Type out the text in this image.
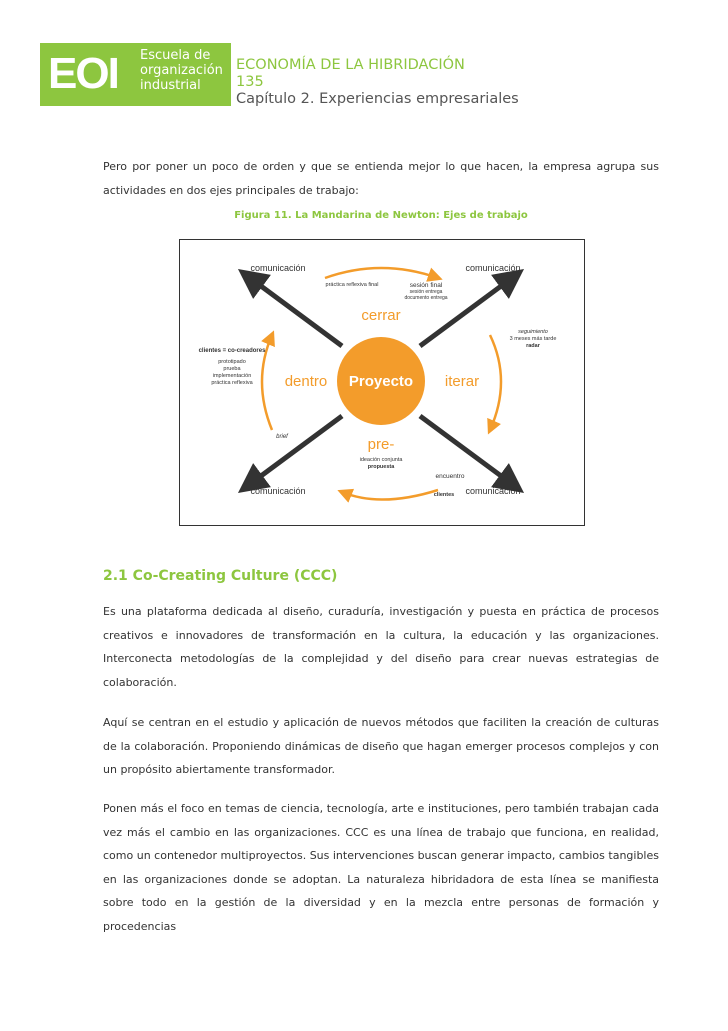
EOI Escuela de
organización
industrial
ECONOMÍA DE LA HIBRIDACIÓN
135
Capítulo 2. Experiencias empresariales

Pero por poner un poco de orden y que se entienda mejor lo que hacen, la empresa agrupa sus actividades en dos ejes principales de trabajo:

Figura 11. La Mandarina de Newton: Ejes de trabajo
Proyecto
cerrar
dentro	iterar
pre-
comunicación	comunicación
comunicación	comunicación
práctica reflexiva final	sesión final
sesión entrega
documento entrega
seguimiento
3 meses más tarde
radar
clientes = co-creadores
prototipado
prueba
implementación
práctica reflexiva
brief
ideación conjunta
propuesta
encuentro
clientes
2.1 Co-Creating Culture (CCC)

Es una plataforma dedicada al diseño, curaduría, investigación y puesta en práctica de procesos creativos e innovadores de transformación en la cultura, la educación y las organizaciones. Interconecta metodologías de la complejidad y del diseño para crear nuevas estrategias de colaboración.

Aquí se centran en el estudio y aplicación de nuevos métodos que faciliten la creación de culturas de la colaboración. Proponiendo dinámicas de diseño que hagan emerger procesos complejos y con un propósito abiertamente transformador.

Ponen más el foco en temas de ciencia, tecnología, arte e instituciones, pero también trabajan cada vez más el cambio en las organizaciones. CCC es una línea de trabajo que funciona, en realidad, como un contenedor multiproyectos. Sus intervenciones buscan generar impacto, cambios tangibles en las organizaciones donde se adoptan. La naturaleza hibridadora de esta línea se manifiesta sobre todo en la gestión de la diversidad y en la mezcla entre personas de formación y procedencias
